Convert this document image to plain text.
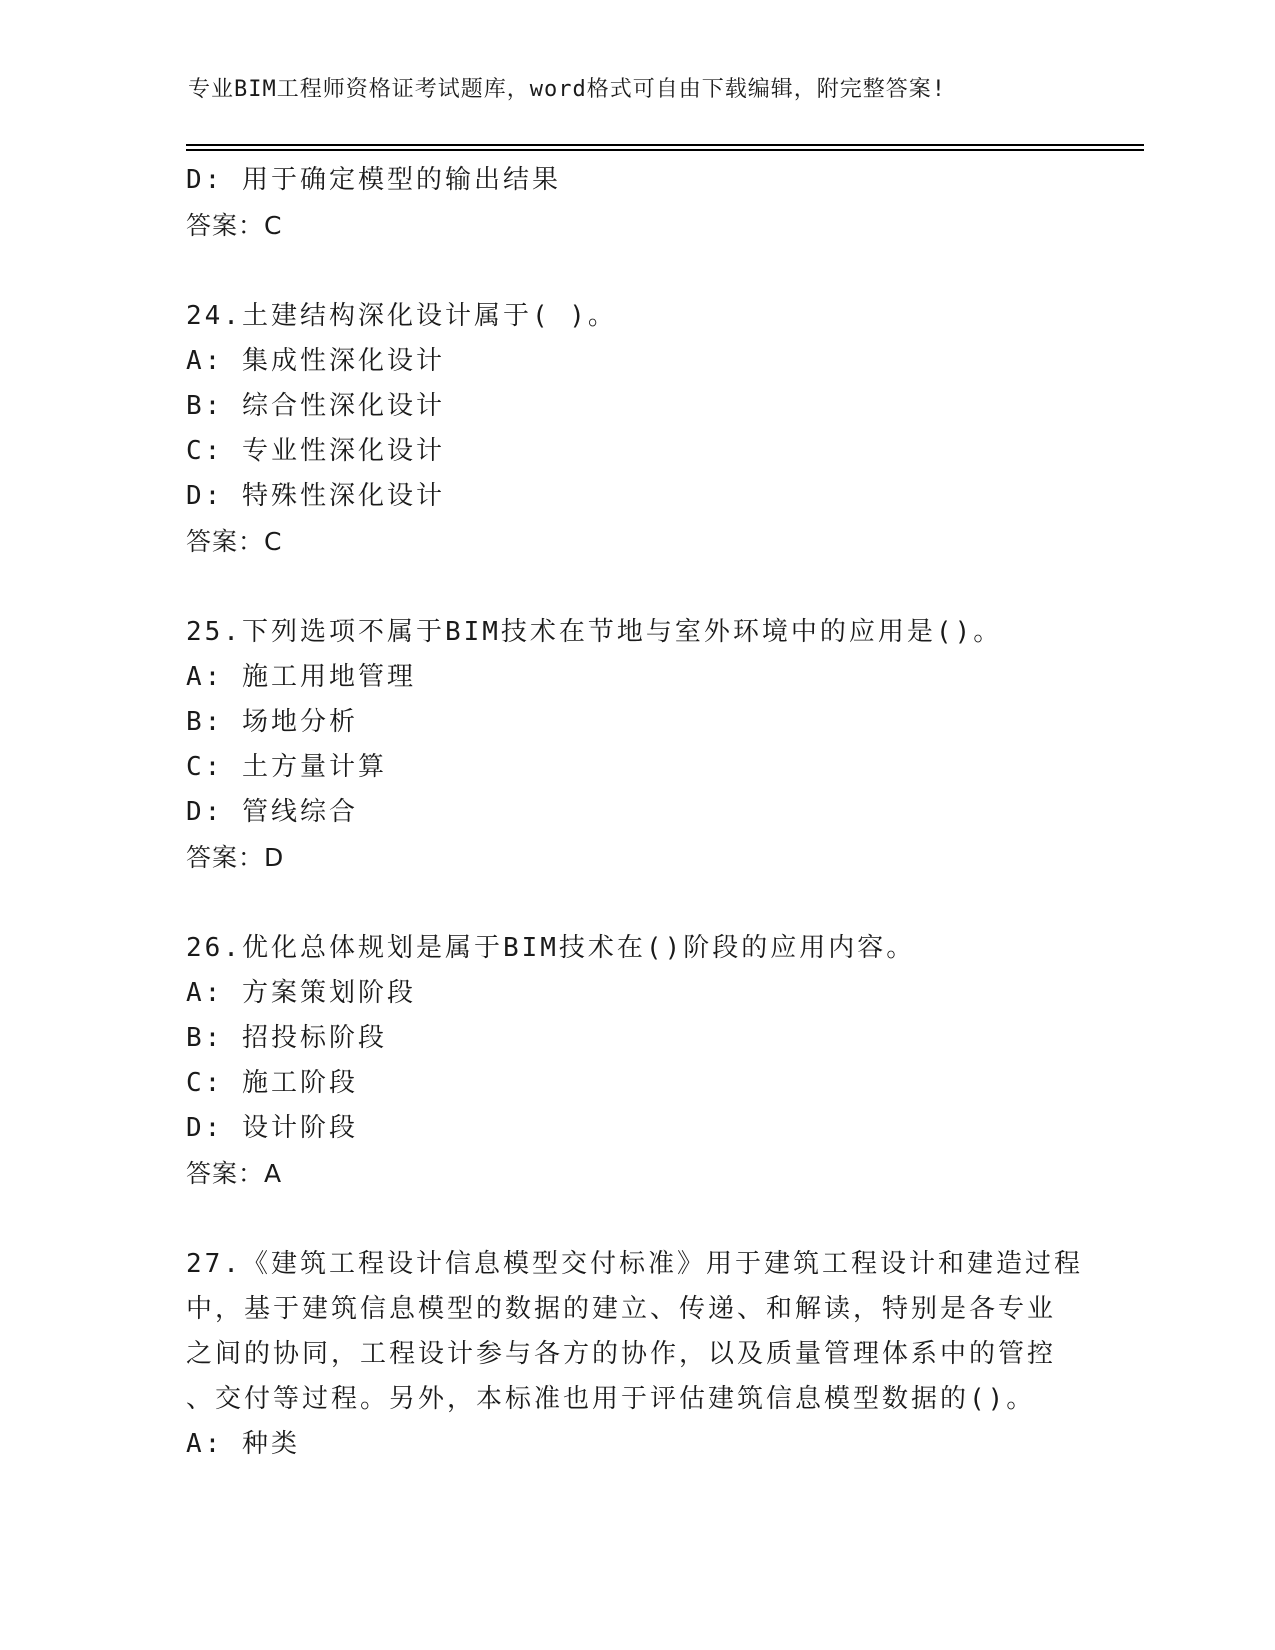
专业BIM工程师资格证考试题库，word格式可自由下载编辑，附完整答案!
D: 用于确定模型的输出结果
答案：C
24.土建结构深化设计属于( )。
A: 集成性深化设计
B: 综合性深化设计
C: 专业性深化设计
D: 特殊性深化设计
答案：C
25.下列选项不属于BIM技术在节地与室外环境中的应用是()。
A: 施工用地管理
B: 场地分析
C: 土方量计算
D: 管线综合
答案：D
26.优化总体规划是属于BIM技术在()阶段的应用内容。
A: 方案策划阶段
B: 招投标阶段
C: 施工阶段
D: 设计阶段
答案：A
27.《建筑工程设计信息模型交付标准》用于建筑工程设计和建造过程
中，基于建筑信息模型的数据的建立、传递、和解读，特别是各专业
之间的协同，工程设计参与各方的协作，以及质量管理体系中的管控
、交付等过程。另外，本标准也用于评估建筑信息模型数据的()。
A: 种类
